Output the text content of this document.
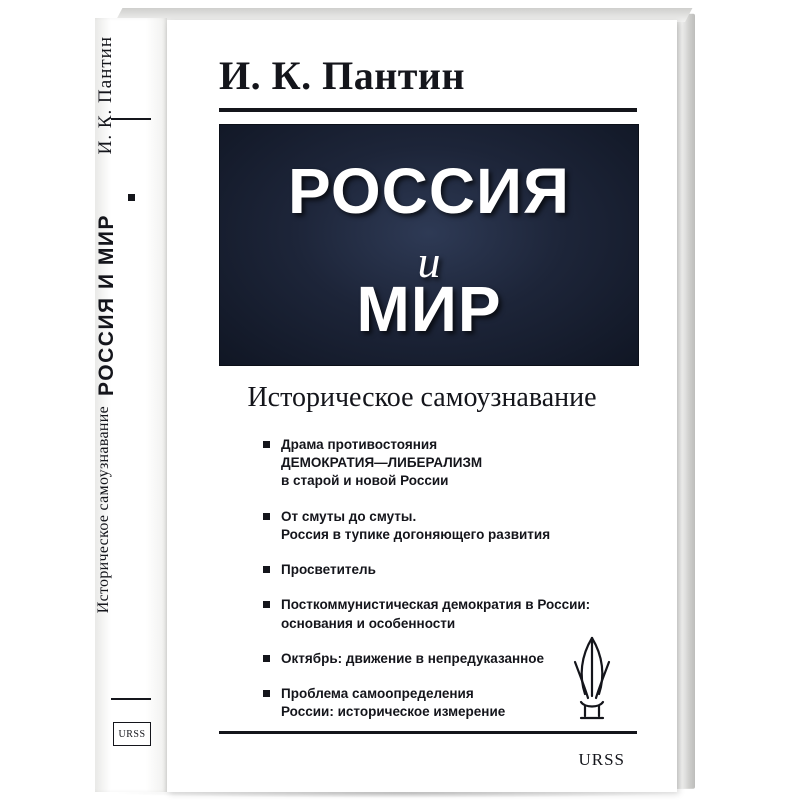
И. К. Пантин
РОССИЯ И МИР
Историческое самоузнавание
URSS
И. К. Пантин
РОССИЯ
и
МИР
Историческое самоузнавание
Драма противостояния
ДЕМОКРАТИЯ—ЛИБЕРАЛИЗМ
в старой и новой России
От смуты до смуты.
Россия в тупике догоняющего развития
Просветитель
Посткоммунистическая демократия в России:
основания и особенности
Октябрь: движение в непредуказанное
Проблема самоопределения
России: историческое измерение
URSS
